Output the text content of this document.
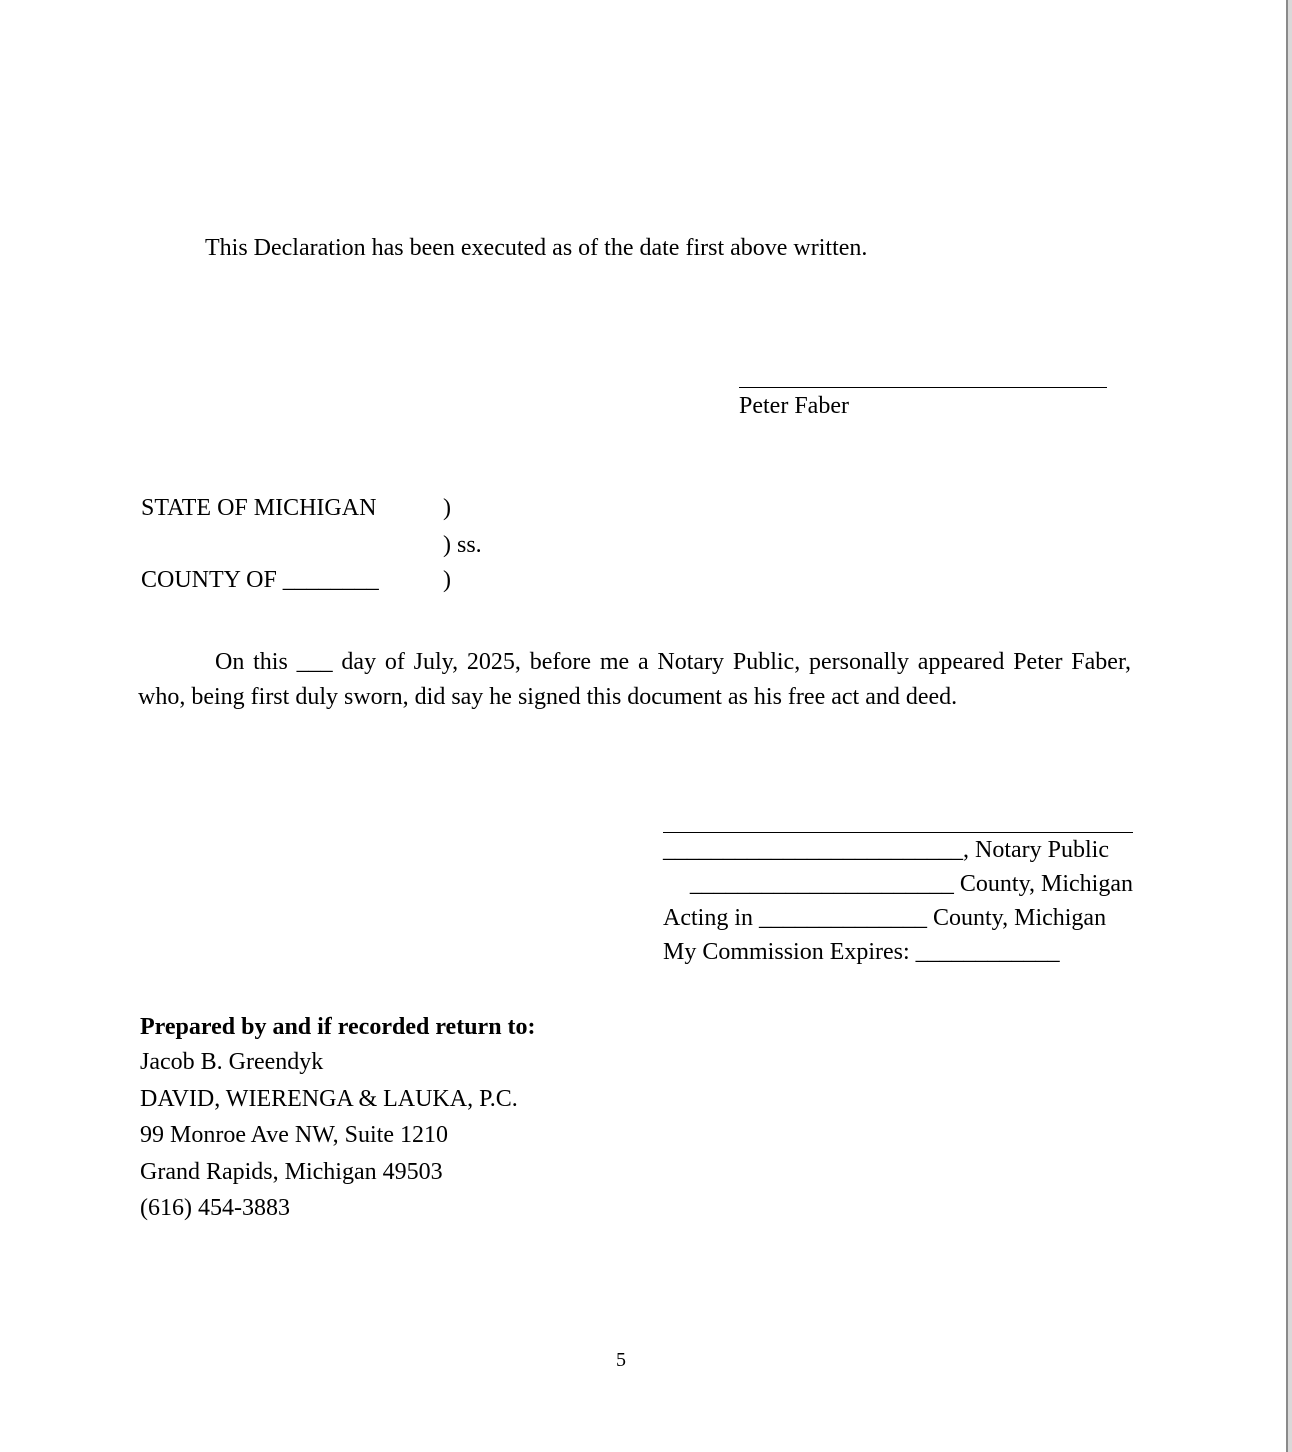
This Declaration has been executed as of the date first above written.
Peter Faber
STATE OF MICHIGAN	)
) ss.
COUNTY OF ________	)
On this ___ day of July, 2025, before me a Notary Public, personally appeared Peter Faber, who, being first duly sworn, did say he signed this document as his free act and deed.
_________________________, Notary Public
______________________ County, Michigan
Acting in ______________ County, Michigan
My Commission Expires: ____________
Prepared by and if recorded return to:
Jacob B. Greendyk
DAVID, WIERENGA & LAUKA, P.C.
99 Monroe Ave NW, Suite 1210
Grand Rapids, Michigan 49503
(616) 454-3883
5
